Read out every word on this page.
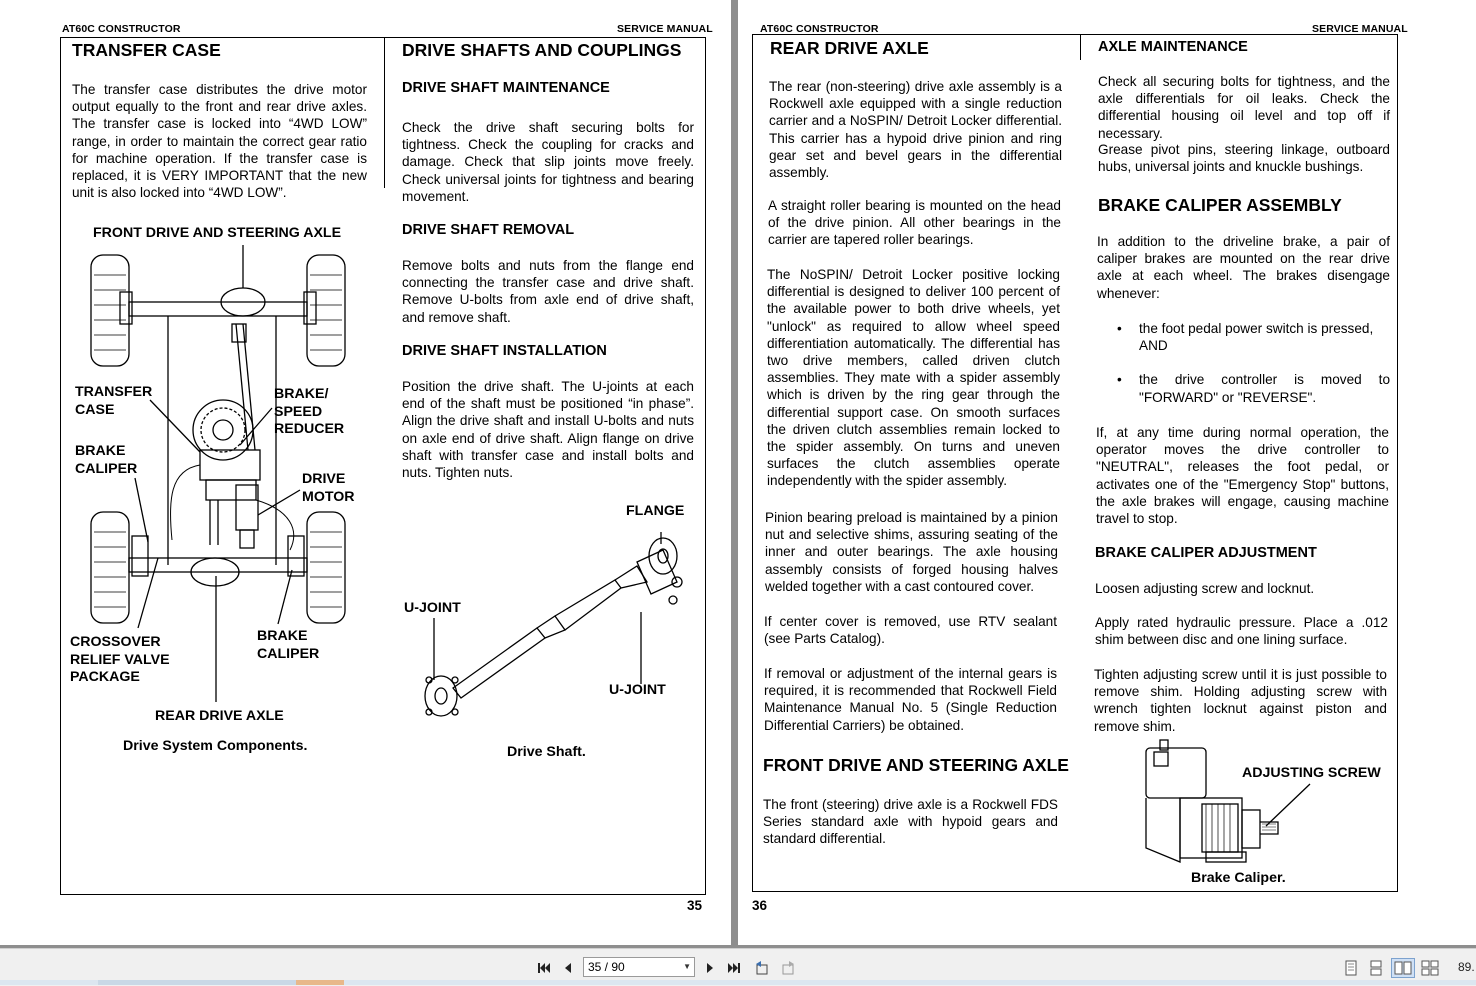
AT60C CONSTRUCTOR	SERVICE MANUAL
TRANSFER CASE
The transfer case distributes the drive motor output equally to the front and rear drive axles. The transfer case is locked into “4WD LOW” range, in order to maintain the correct gear ratio for machine operation. If the transfer case is replaced, it is VERY IMPORTANT that the new unit is also locked into “4WD LOW”.
FRONT DRIVE AND STEERING AXLE
TRANSFER
CASE
BRAKE
CALIPER
BRAKE/
SPEED
REDUCER
DRIVE
MOTOR
CROSSOVER
RELIEF VALVE
PACKAGE
BRAKE
CALIPER
REAR DRIVE AXLE
Drive System Components.
DRIVE SHAFTS AND COUPLINGS
DRIVE SHAFT MAINTENANCE
Check the drive shaft securing bolts for tightness. Check the coupling for cracks and damage. Check that slip joints move freely. Check universal joints for tightness and bearing movement.
DRIVE SHAFT REMOVAL
Remove bolts and nuts from the flange end connecting the transfer case and drive shaft. Remove U-bolts from axle end of drive shaft, and remove shaft.
DRIVE SHAFT INSTALLATION
Position the drive shaft. The U-joints at each end of the shaft must be positioned “in phase”. Align the drive shaft and install U-bolts and nuts on axle end of drive shaft. Align flange on drive shaft with transfer case and install bolts and nuts. Tighten nuts.
FLANGE
U-JOINT
U-JOINT
Drive Shaft.
35
AT60C CONSTRUCTOR	SERVICE MANUAL
REAR DRIVE AXLE
The rear (non-steering) drive axle assembly is a Rockwell axle equipped with a single reduction carrier and a NoSPIN/ Detroit Locker differential. This carrier has a hypoid drive pinion and ring gear set and bevel gears in the differential assembly.
A straight roller bearing is mounted on the head of the drive pinion. All other bearings in the carrier are tapered roller bearings.
The NoSPIN/ Detroit Locker positive locking differential is designed to deliver 100 percent of the available power to both drive wheels, yet "unlock" as required to allow wheel speed differentiation automatically. The differential has two drive members, called driven clutch assemblies. They mate with a spider assembly which is driven by the ring gear through the differential support case. On smooth surfaces the driven clutch assemblies remain locked to the spider assembly. On turns and uneven surfaces the clutch assemblies operate independently with the spider assembly.
Pinion bearing preload is maintained by a pinion nut and selective shims, assuring seating of the inner and outer bearings. The axle housing assembly consists of forged housing halves welded together with a cast contoured cover.
If center cover is removed, use RTV sealant (see Parts Catalog).
If removal or adjustment of the internal gears is required, it is recommended that Rockwell Field Maintenance Manual No. 5 (Single Reduction Differential Carriers) be obtained.
FRONT DRIVE AND STEERING AXLE
The front (steering) drive axle is a Rockwell FDS Series standard axle with hypoid gears and standard differential.
AXLE MAINTENANCE
Check all securing bolts for tightness, and the axle differentials for oil leaks. Check the differential housing oil level and top off if necessary.
Grease pivot pins, steering linkage, outboard hubs, universal joints and knuckle bushings.
BRAKE CALIPER ASSEMBLY
In addition to the driveline brake, a pair of caliper brakes are mounted on the rear drive axle at each wheel. The brakes disengage whenever:
• the foot pedal power switch is pressed,
AND
• the drive controller is moved to "FORWARD" or "REVERSE".
If, at any time during normal operation, the operator moves the drive controller to "NEUTRAL", releases the foot pedal, or activates one of the "Emergency Stop" buttons, the axle brakes will engage, causing machine travel to stop.
BRAKE CALIPER ADJUSTMENT
Loosen adjusting screw and locknut.
Apply rated hydraulic pressure. Place a .012 shim between disc and one lining surface.
Tighten adjusting screw until it is just possible to remove shim. Holding adjusting screw with wrench tighten locknut against piston and remove shim.
ADJUSTING SCREW
Brake Caliper.
36
35 / 90	▼	89.
